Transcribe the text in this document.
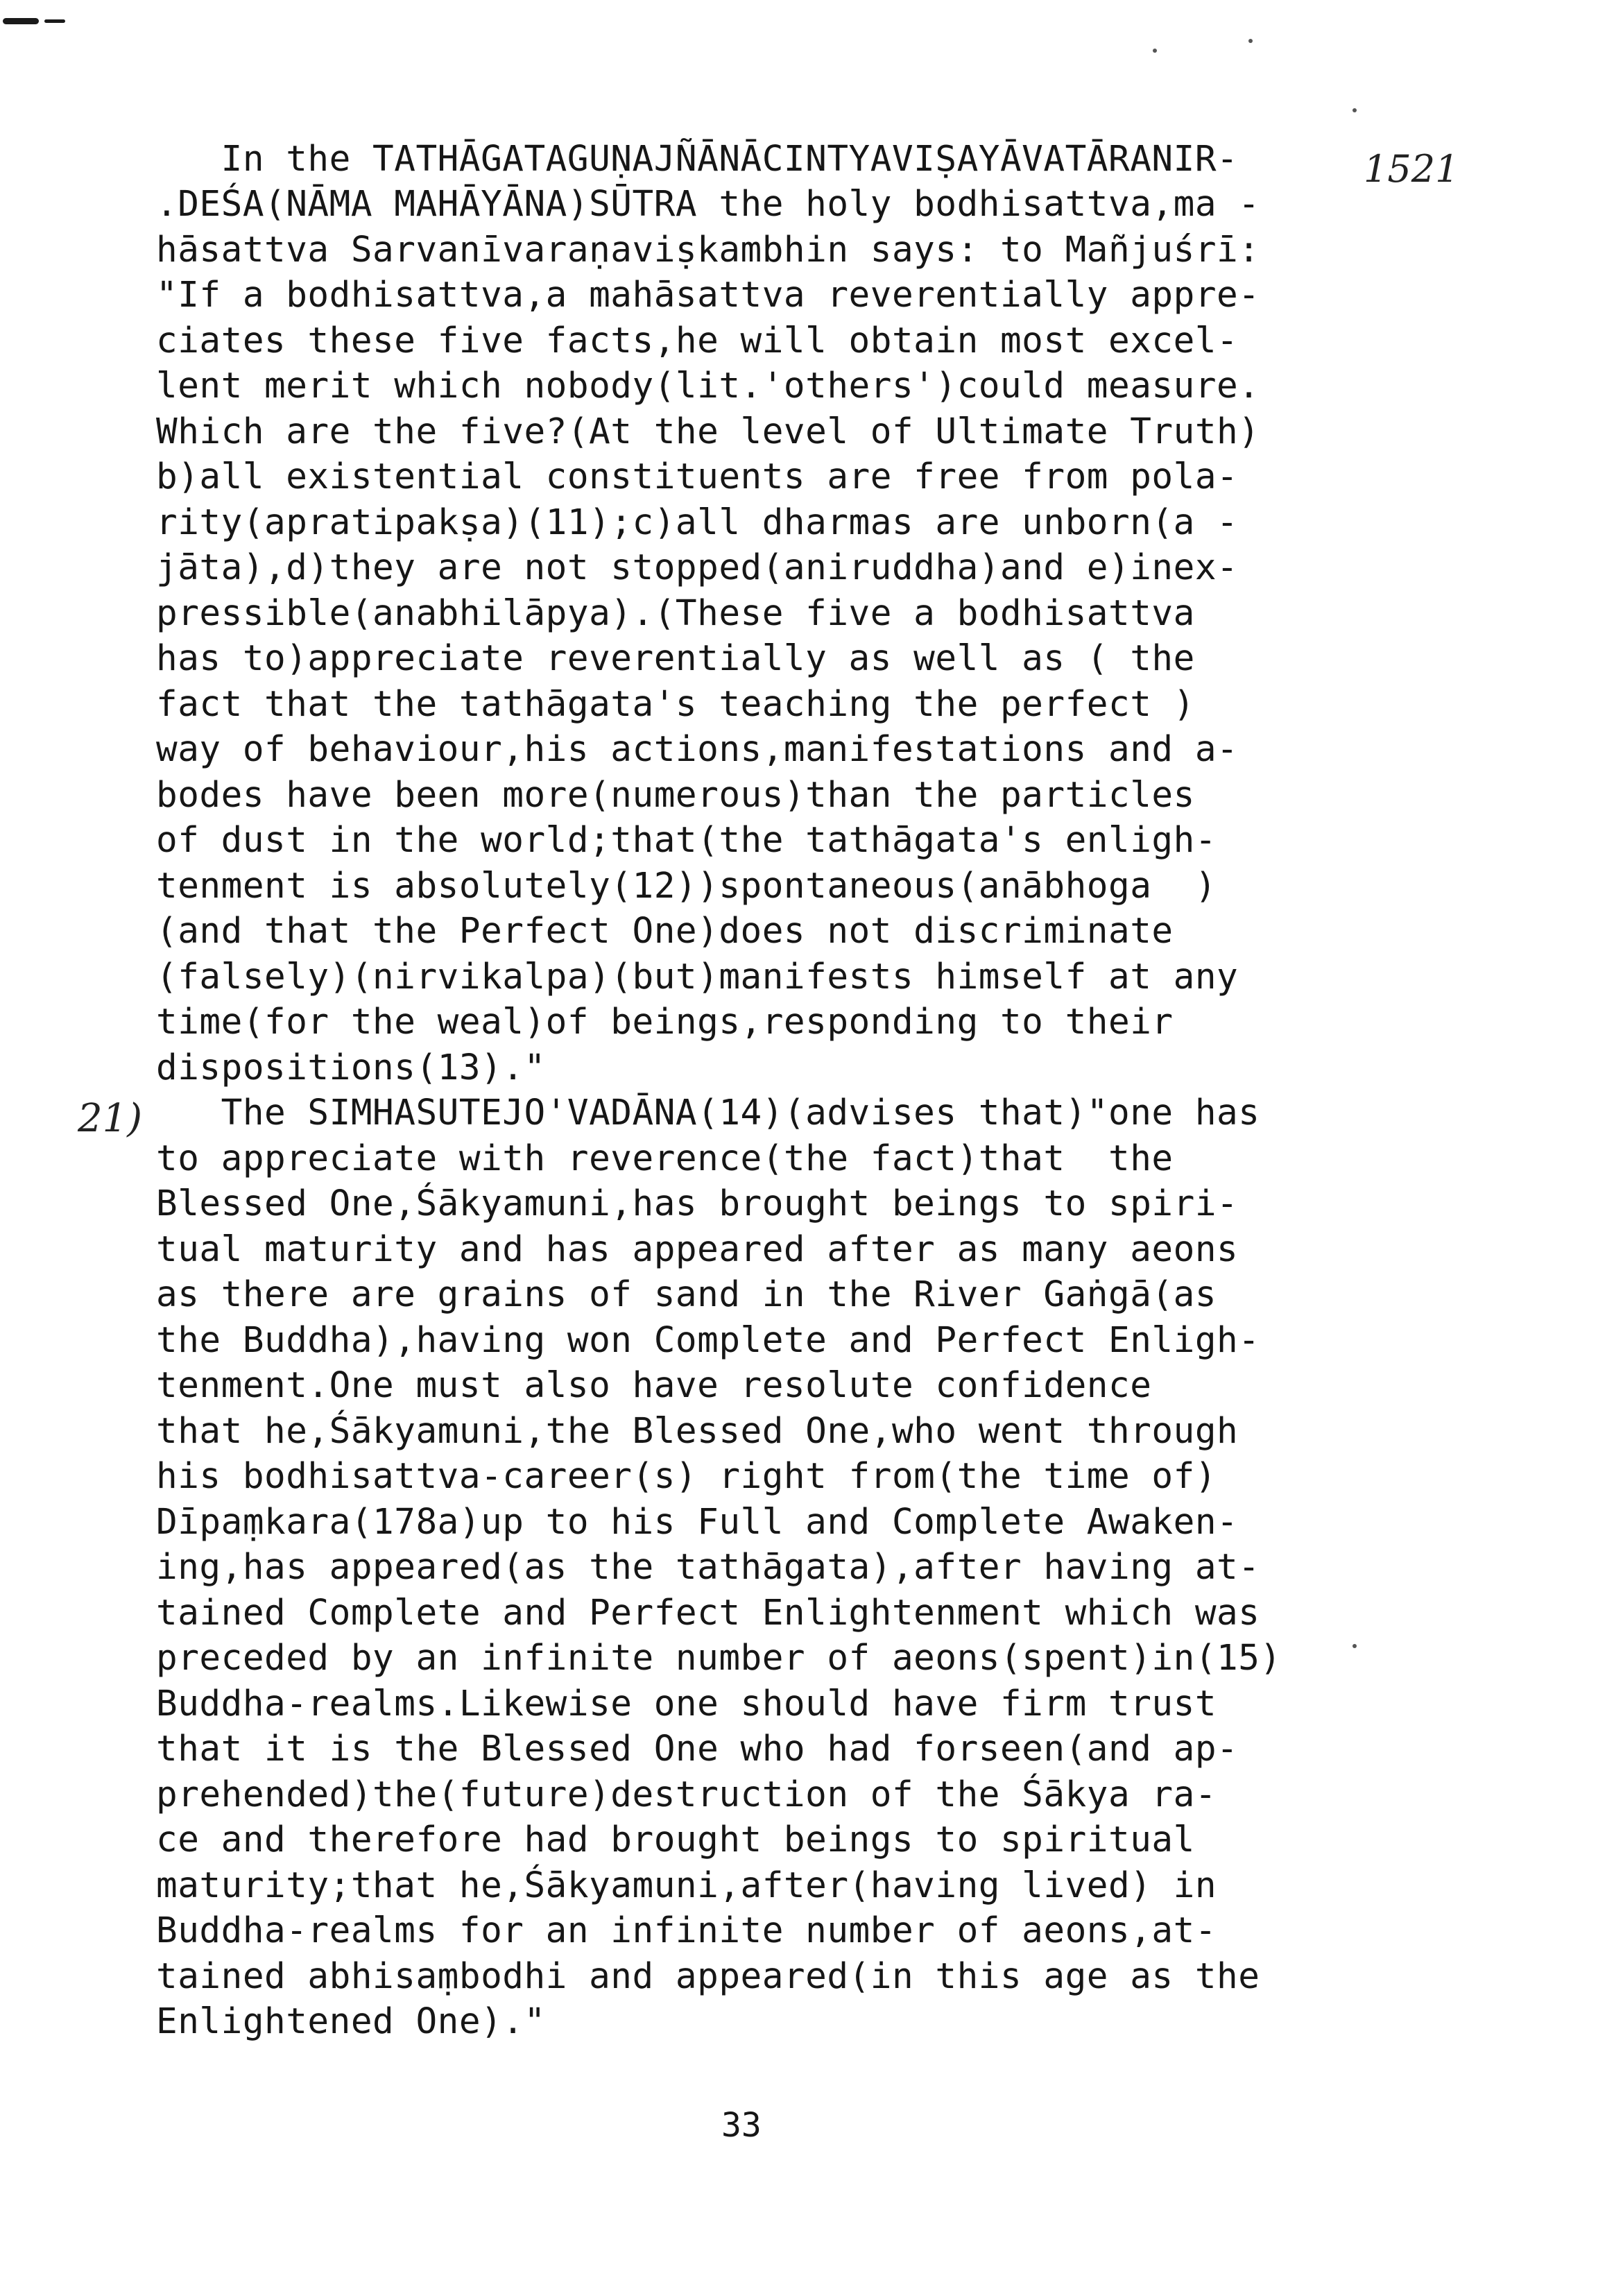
1521
21)
In the TATHĀGATAGUṆAJÑĀNĀCINTYAVIṢAYĀVATĀRANIR-
.DEŚA(NĀMA MAHĀYĀNA)SŪTRA the holy bodhisattva,ma -
hāsattva Sarvanīvaraṇaviṣkambhin says: to Mañjuśrī:
"If a bodhisattva,a mahāsattva reverentially appre-
ciates these five facts,he will obtain most excel-
lent merit which nobody(lit.'others')could measure.
Which are the five?(At the level of Ultimate Truth)
b)all existential constituents are free from pola-
rity(apratipakṣa)(11);c)all dharmas are unborn(a -
jāta),d)they are not stopped(aniruddha)and e)inex-
pressible(anabhilāpya).(These five a bodhisattva
has to)appreciate reverentially as well as ( the
fact that the tathāgata's teaching the perfect )
way of behaviour,his actions,manifestations and a-
bodes have been more(numerous)than the particles
of dust in the world;that(the tathāgata's enligh-
tenment is absolutely(12))spontaneous(anābhoga  )
(and that the Perfect One)does not discriminate
(falsely)(nirvikalpa)(but)manifests himself at any
time(for the weal)of beings,responding to their
dispositions(13)."
The SIMHASUTEJO'VADĀNA(14)(advises that)"one has
to appreciate with reverence(the fact)that  the
Blessed One,Śākyamuni,has brought beings to spiri-
tual maturity and has appeared after as many aeons
as there are grains of sand in the River Gaṅgā(as
the Buddha),having won Complete and Perfect Enligh-
tenment.One must also have resolute confidence
that he,Śākyamuni,the Blessed One,who went through
his bodhisattva-career(s) right from(the time of)
Dīpaṃkara(178a)up to his Full and Complete Awaken-
ing,has appeared(as the tathāgata),after having at-
tained Complete and Perfect Enlightenment which was
preceded by an infinite number of aeons(spent)in(15)
Buddha-realms.Likewise one should have firm trust
that it is the Blessed One who had forseen(and ap-
prehended)the(future)destruction of the Śākya ra-
ce and therefore had brought beings to spiritual
maturity;that he,Śākyamuni,after(having lived) in
Buddha-realms for an infinite number of aeons,at-
tained abhisaṃbodhi and appeared(in this age as the
Enlightened One)."
33
